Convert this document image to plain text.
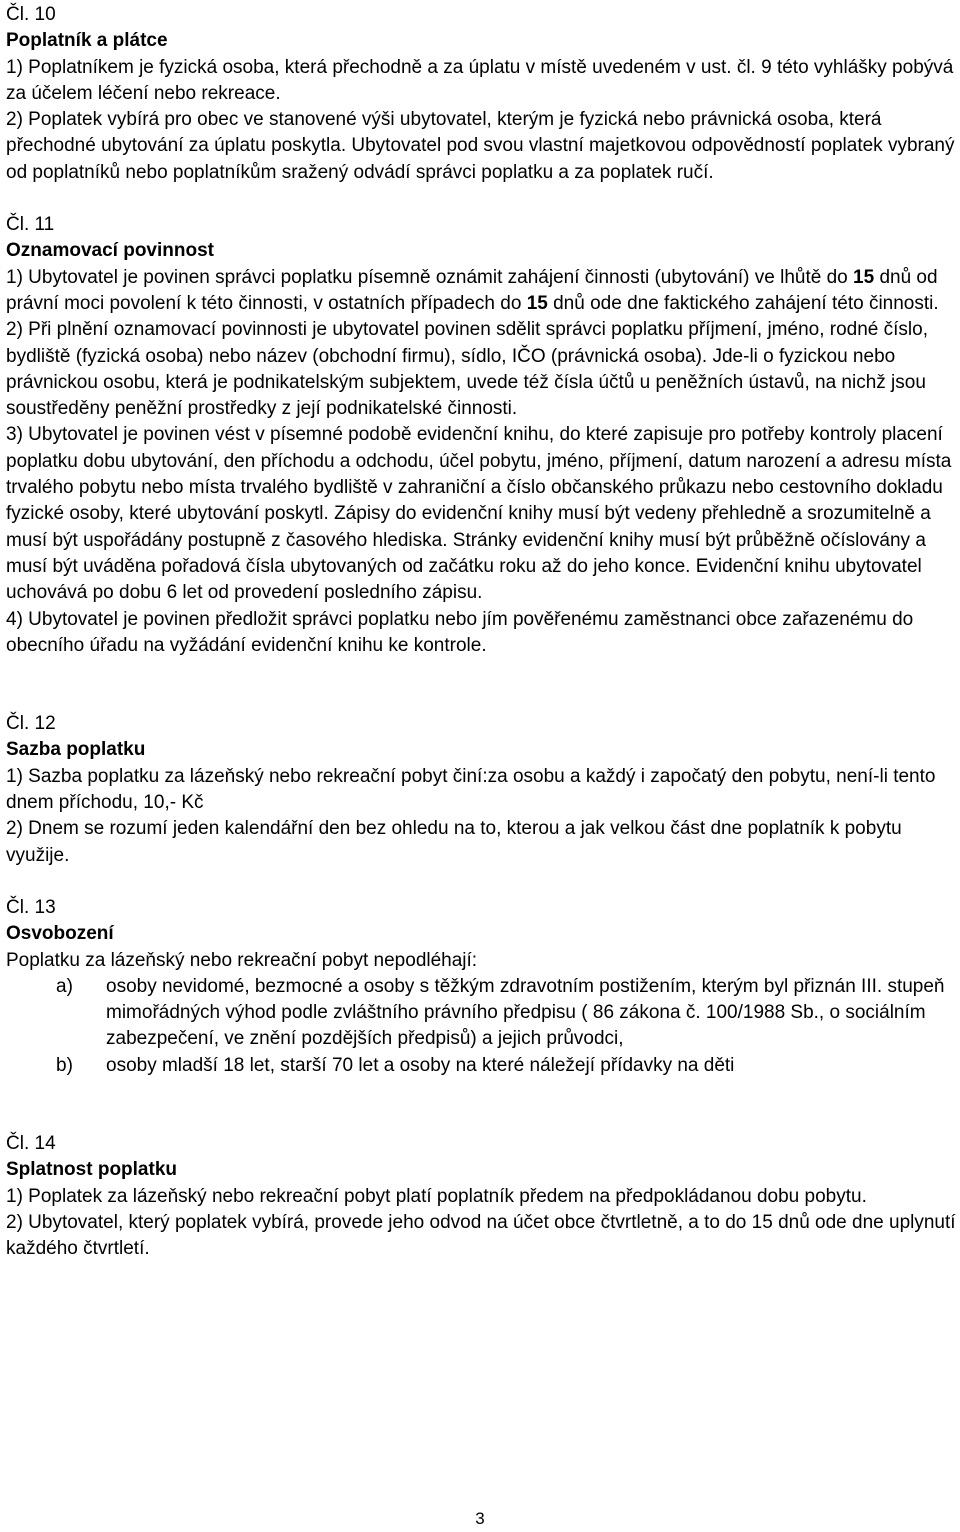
Čl. 10

Poplatník a plátce

1) Poplatníkem je fyzická osoba, která přechodně a za úplatu v místě uvedeném v ust. čl. 9 této vyhlášky pobývá za účelem léčení nebo rekreace.

2) Poplatek vybírá pro obec ve stanovené výši ubytovatel, kterým je fyzická nebo právnická osoba, která přechodné ubytování za úplatu poskytla. Ubytovatel pod svou vlastní majetkovou odpovědností poplatek vybraný od poplatníků nebo poplatníkům sražený odvádí správci poplatku a za poplatek ručí.

Čl. 11

Oznamovací povinnost

1) Ubytovatel je povinen správci poplatku písemně oznámit zahájení činnosti (ubytování) ve lhůtě do 15 dnů od právní moci povolení k této činnosti, v ostatních případech do 15 dnů ode dne faktického zahájení této činnosti.

2) Při plnění oznamovací povinnosti je ubytovatel povinen sdělit správci poplatku příjmení, jméno, rodné číslo, bydliště (fyzická osoba) nebo název (obchodní firmu), sídlo, IČO (právnická osoba). Jde-li o fyzickou nebo právnickou osobu, která je podnikatelským subjektem, uvede též čísla účtů u peněžních ústavů, na nichž jsou soustředěny peněžní prostředky z její podnikatelské činnosti.

3) Ubytovatel je povinen vést v písemné podobě evidenční knihu, do které zapisuje pro potřeby kontroly placení poplatku dobu ubytování, den příchodu a odchodu, účel pobytu, jméno, příjmení, datum narození a adresu místa trvalého pobytu nebo místa trvalého bydliště v zahraniční a číslo občanského průkazu nebo cestovního dokladu fyzické osoby, které ubytování poskytl. Zápisy do evidenční knihy musí být vedeny přehledně a srozumitelně a musí být uspořádány postupně z časového hlediska. Stránky evidenční knihy musí být průběžně očíslovány a musí být uváděna pořadová čísla ubytovaných od začátku roku až do jeho konce. Evidenční knihu ubytovatel uchovává po dobu 6 let od provedení posledního zápisu.

4) Ubytovatel je povinen předložit správci poplatku nebo jím pověřenému zaměstnanci obce zařazenému do obecního úřadu na vyžádání evidenční knihu ke kontrole.

Čl. 12

Sazba poplatku

1) Sazba poplatku za lázeňský nebo rekreační pobyt činí:za osobu a každý i započatý den pobytu, není-li tento dnem příchodu, 10,- Kč

2) Dnem se rozumí jeden kalendářní den bez ohledu na to, kterou a jak velkou část dne poplatník k pobytu využije.

Čl. 13

Osvobození

Poplatku za lázeňský nebo rekreační pobyt nepodléhají:

a)	osoby nevidomé, bezmocné a osoby s těžkým zdravotním postižením, kterým byl přiznán III. stupeň mimořádných výhod podle zvláštního právního předpisu ( 86 zákona č. 100/1988 Sb., o sociálním zabezpečení, ve znění pozdějších předpisů) a jejich průvodci,
b)	osoby mladší 18 let, starší 70 let a osoby na které náležejí přídavky na děti

Čl. 14

Splatnost poplatku

1) Poplatek za lázeňský nebo rekreační pobyt platí poplatník předem na předpokládanou dobu pobytu.

2) Ubytovatel, který poplatek vybírá, provede jeho odvod na účet obce čtvrtletně, a to do 15 dnů ode dne uplynutí každého čtvrtletí.

3
